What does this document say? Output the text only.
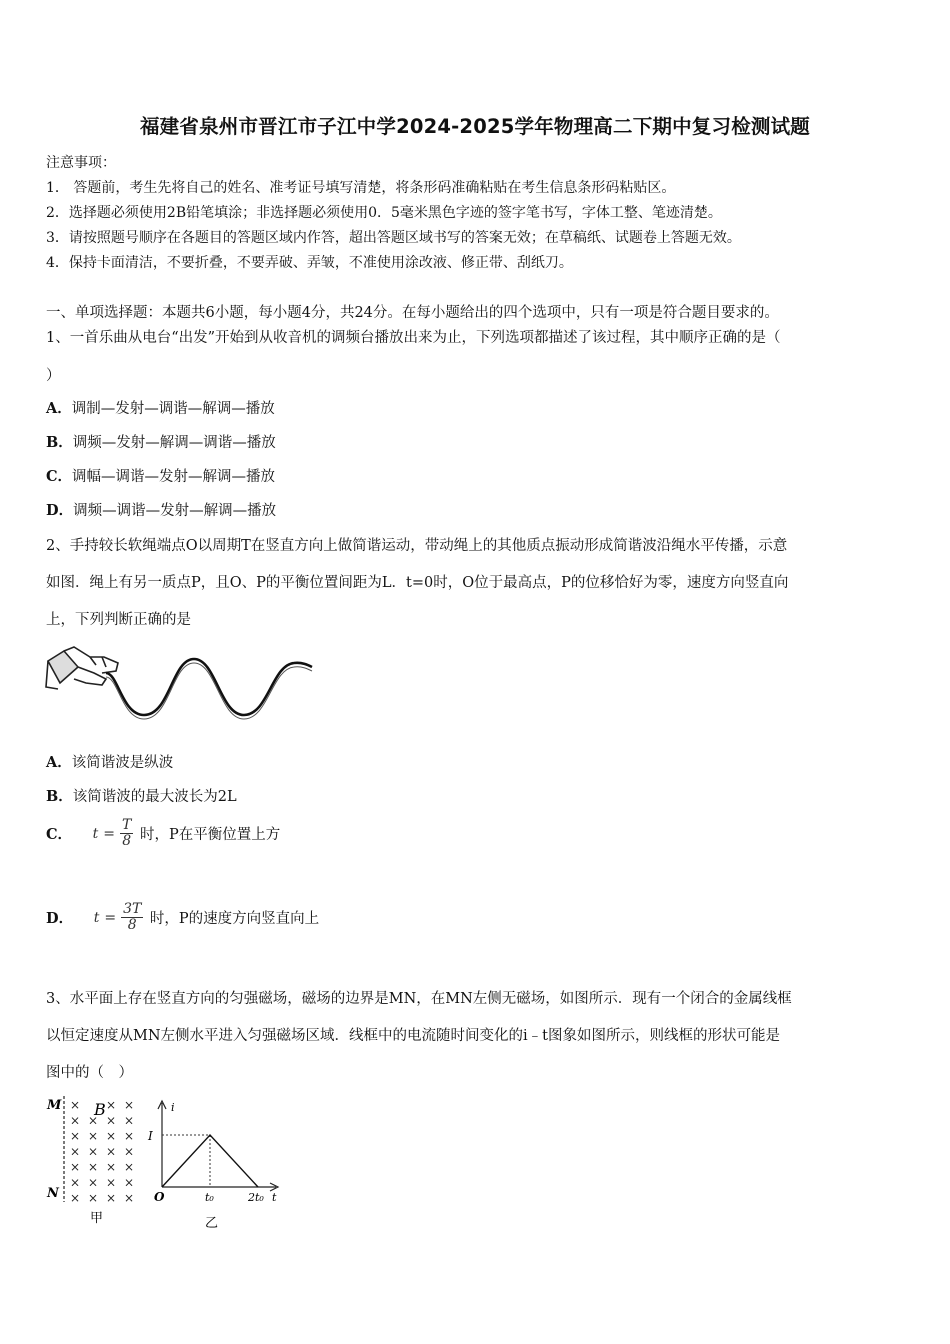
福建省泉州市晋江市子江中学2024-2025学年物理高二下期中复习检测试题
注意事项：
1． 答题前，考生先将自己的姓名、准考证号填写清楚，将条形码准确粘贴在考生信息条形码粘贴区。
2．选择题必须使用2B铅笔填涂；非选择题必须使用0．5毫米黑色字迹的签字笔书写，字体工整、笔迹清楚。
3．请按照题号顺序在各题目的答题区域内作答，超出答题区域书写的答案无效；在草稿纸、试题卷上答题无效。
4．保持卡面清洁，不要折叠，不要弄破、弄皱，不准使用涂改液、修正带、刮纸刀。
一、单项选择题：本题共6小题，每小题4分，共24分。在每小题给出的四个选项中，只有一项是符合题目要求的。
1、一首乐曲从电台“出发”开始到从收音机的调频台播放出来为止，下列选项都描述了该过程，其中顺序正确的是（
）
A．调制—发射—调谐—解调—播放
B．调频—发射—解调—调谐—播放
C．调幅—调谐—发射—解调—播放
D．调频—调谐—发射—解调—播放
2、手持较长软绳端点O以周期T在竖直方向上做简谐运动，带动绳上的其他质点振动形成简谐波沿绳水平传播，示意
如图．绳上有另一质点P，且O、P的平衡位置间距为L．t=0时，O位于最高点，P的位移恰好为零，速度方向竖直向
上，下列判断正确的是
A．该简谐波是纵波
B．该简谐波的最大波长为2L
C． $t = \frac{T}{8}$ 时，P在平衡位置上方
D． $t = \frac{3T}{8}$ 时，P的速度方向竖直向上
3、水平面上存在竖直方向的匀强磁场，磁场的边界是MN，在MN左侧无磁场，如图所示．现有一个闭合的金属线框
以恒定速度从MN左侧水平进入匀强磁场区域．线框中的电流随时间变化的i﹣t图象如图所示，则线框的形状可能是
图中的（　）
M
N
× × ×
× × × ×
× × × ×
× × × ×
× × × ×
× × × ×
× × × ×
B
甲
i
I
O	t₀	2t₀ t
乙
